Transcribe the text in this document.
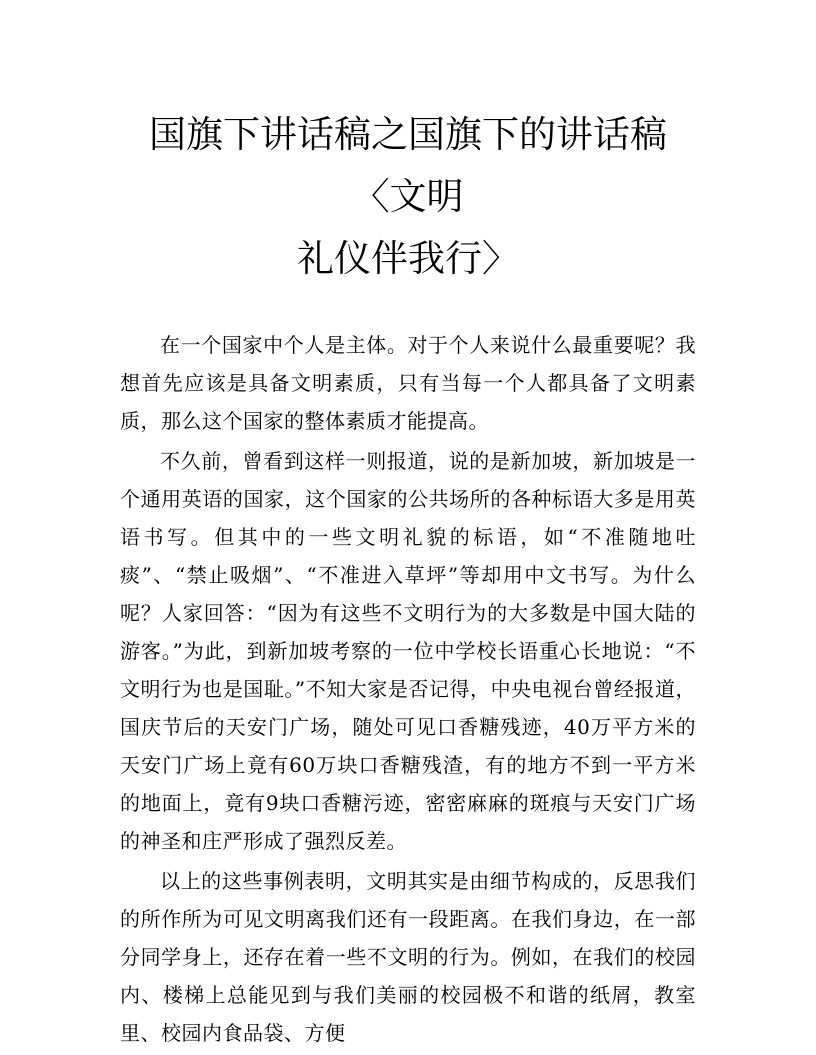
国旗下讲话稿之国旗下的讲话稿〈文明
礼仪伴我行〉

在一个国家中个人是主体。对于个人来说什么最重要呢？我想首先应该是具备文明素质，只有当每一个人都具备了文明素质，那么这个国家的整体素质才能提高。

不久前，曾看到这样一则报道，说的是新加坡，新加坡是一个通用英语的国家，这个国家的公共场所的各种标语大多是用英语书写。但其中的一些文明礼貌的标语，如“不准随地吐痰”、“禁止吸烟”、“不准进入草坪”等却用中文书写。为什么呢？人家回答：“因为有这些不文明行为的大多数是中国大陆的游客。”为此，到新加坡考察的一位中学校长语重心长地说：“不文明行为也是国耻。”不知大家是否记得，中央电视台曾经报道，国庆节后的天安门广场，随处可见口香糖残迹，40万平方米的天安门广场上竟有60万块口香糖残渣，有的地方不到一平方米的地面上，竟有9块口香糖污迹，密密麻麻的斑痕与天安门广场的神圣和庄严形成了强烈反差。

以上的这些事例表明，文明其实是由细节构成的，反思我们的所作所为可见文明离我们还有一段距离。在我们身边，在一部分同学身上，还存在着一些不文明的行为。例如，在我们的校园内、楼梯上总能见到与我们美丽的校园极不和谐的纸屑，教室里、校园内食品袋、方便
